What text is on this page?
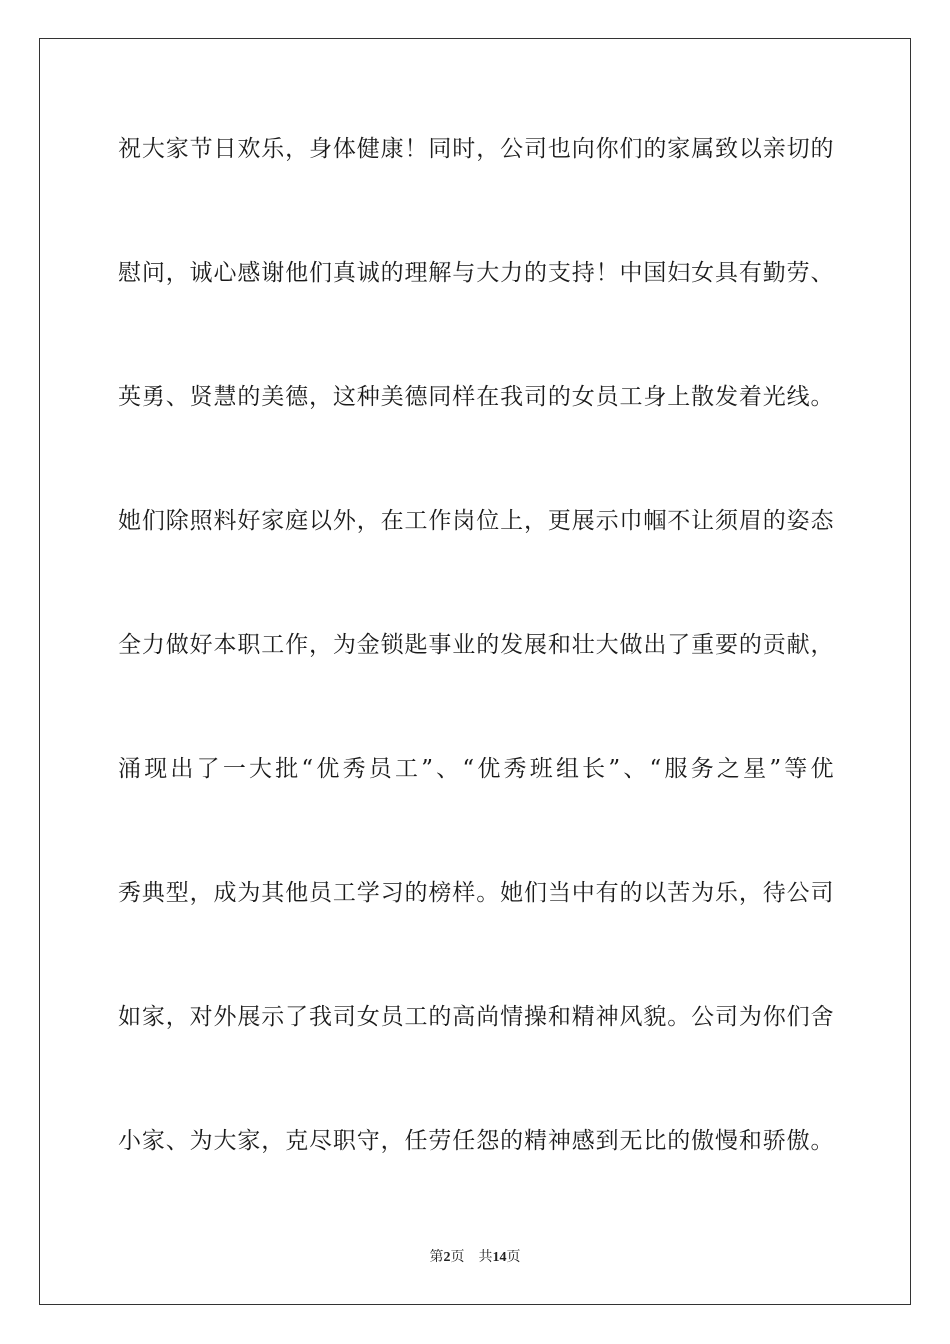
祝大家节日欢乐，身体健康！同时，公司也向你们的家属致以亲切的
慰问，诚心感谢他们真诚的理解与大力的支持！中国妇女具有勤劳、
英勇、贤慧的美德，这种美德同样在我司的女员工身上散发着光线。
她们除照料好家庭以外，在工作岗位上，更展示巾帼不让须眉的姿态
全力做好本职工作，为金锁匙事业的发展和壮大做出了重要的贡献，
涌现出了一大批“优秀员工”、“优秀班组长”、“服务之星”等优
秀典型，成为其他员工学习的榜样。她们当中有的以苦为乐，待公司
如家，对外展示了我司女员工的高尚情操和精神风貌。公司为你们舍
小家、为大家，克尽职守，任劳任怨的精神感到无比的傲慢和骄傲。
第2页 共14页
